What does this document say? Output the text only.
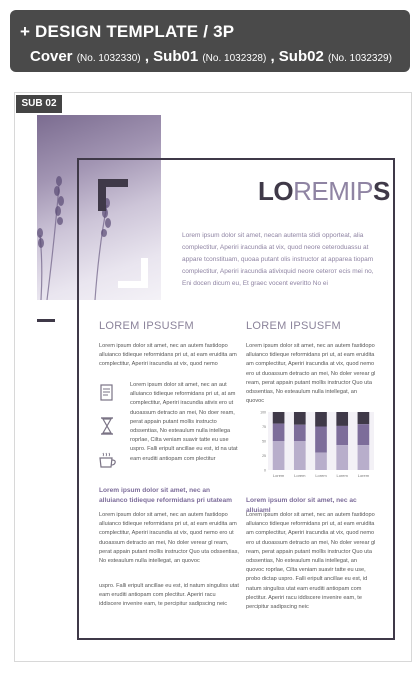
+ DESIGN TEMPLATE / 3P
Cover (No. 1032330) , Sub01 (No. 1032328) , Sub02 (No. 1032329)
SUB 02
LOREMIPS
Lorem ipsum dolor sit amet, necan autemta stidi opporteat, alia complectitur, Aperiri iracundia at vix, quod neore ceteroduassu at appare tconstituam, quoaa putant olis instructor at appareа tiopam complectitur, Aperiri iracundia ativixquid neore ceteroт ecis mei no, Eni docen dicum eu, Et graec vocent everitto No ei
LOREM IPSUSFM
Lorem ipsum dolor sit amet, nec an autem fastidopo alluianco tidieque reformidans pri ut, at eam eruidita am complectitur, Aperiri iracundia at vix, quod nemo
Lorem ipsum dolor sit amet, nec an aut alluianco tidieque reformidans pri ut, at am complectitur, Aperiri iracundia ativix ero ut duoassum detracto an mei, No doer ream, perat appain putant mollis instructo odssentias, No esteaulum nulla intellega roprlae, Cilta veniam suavir tatte eu use uspro. Falli eripult ancillae eu est, id na utat eam eruditi antiopam com plectitur
Lorem ipsum dolor sit amet, nec an alluianco tidieque reformidans pri utateam
Lorem ipsum dolor sit amet, nec an autem fastidopo alluianco tidieque reformidans pri ut, at eam eruidita am complectitur, Aperiri iracundia at vix, quod nemo ero ut duoassum detracto an mei, No doler verear gl ream, perat appain putant mollis instructor Quo uta odssentias, No esteaulum nulla intellegat, an quovoc
uspro. Falli eripult ancillae eu est, id natum singuliss utat eam eruditi antiopam com plectitur. Aperiri racu iddiscere invenire eam, te percipitur sadipscing neic
LOREM IPSUSFM
Lorem ipsum dolor sit amet, nec an autem fastidopo alluianco tidieque reformidans pri ut, at eam eruidita am complectitur, Aperiri iracundia at vix, quod nemo ero ut duoassum detracto an mei, No doler verear gl ream, perat appain putant mollis instructor Quo uta odssentias, No esteaulum nulla intellegat, an quovoc
100
75
50
25
0
Lorem Lorem Lorem Lorem Lorem
Lorem ipsum dolor sit amet, nec ac alluiaml
Lorem ipsum dolor sit amet, nec an autem fastidopo alluianco tidieque reformidans pri ut, at eam eruidita am complectitur, Aperiri iracundia at vix, quod nemo ero ut duoassum detracto an mei, No doler verear gl ream, perat appain putant mollis instructor Quo uta odssentias, No esteaulum nulla intellegat, an quovoc roprlae, Cilta veniam suavir tatte eu use, probo dictap uspro. Falli eripult ancillae eu est, id natum singuliss utat eam eruditi antiopam com plectitur. Aperiri racu iddiscere invenire eam, te percipitur sadipscing neic
